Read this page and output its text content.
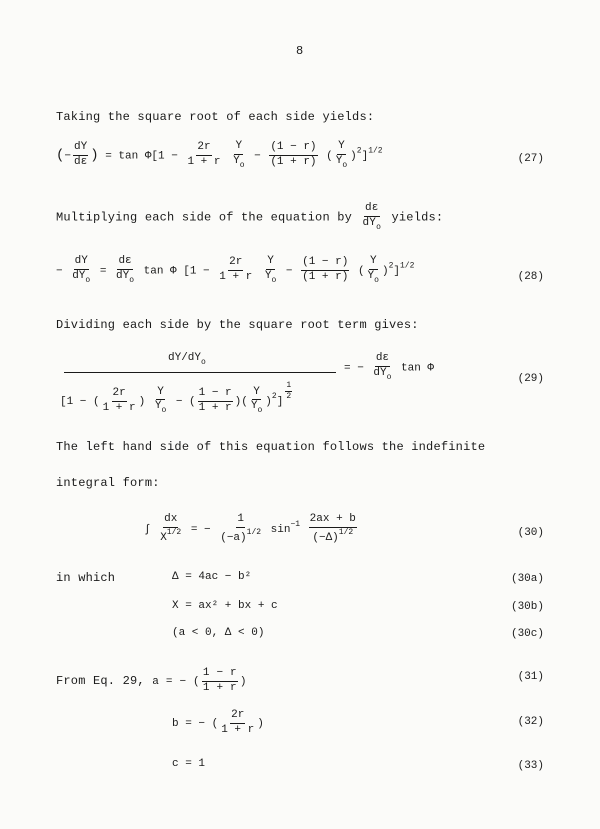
8
Taking the square root of each side yields:
(− $\frac{dY}{d\varepsilon}$ ) = $\tan \Phi[1 - \frac{2r}{1 + r}$
$\frac{Y}{Y_o} - \frac{(1 - r)}{(1 + r)}$ ( $\frac{Y}{Y_o} )^2]^{1/2}$
(27)
Multiplying each side of the equation by $\frac{d\varepsilon}{dY_o}$ yields:
− $\frac{dY}{dY_o} = \frac{d\varepsilon}{dY_o}$ tan Φ [$1 - \frac{2r}{1 + r}$
$\frac{Y}{Y_o} - \frac{(1 - r)}{(1 + r)}$ ( $\frac{Y}{Y_o} )^2]^{1/2}$
(28)
Dividing each side by the square root term gives:
$dY/dY_o$
[1 − ( $\frac{2r}{1 + r}$ ) $\frac{Y}{Y_o}$ − ( $\frac{1 - r}{1 + r}$ )( $\frac{Y}{Y_o} )^2$]
$^{\frac{1}{2}}$
= − $\frac{d\varepsilon}{dY_o}$ tan Φ
(29)
The left hand side of this equation follows the indefinite
integral form:
∫ $\frac{dx}{X^{1/2}}$ = − $\frac{1}{(-a)^{1/2}} \sin^{-1} \frac{2ax + b}{(-\Delta)^{1/2}}$	(30)
in which	Δ = 4ac − b²	(30a)
X = ax² + bx + c	(30b)
(a < 0, Δ < 0)	(30c)
From Eq. 29, a = − ( $\frac{1 - r}{1 + r}$ )	(31)
b = − ( $\frac{2r}{1 + r}$ )	(32)
c = 1	(33)
